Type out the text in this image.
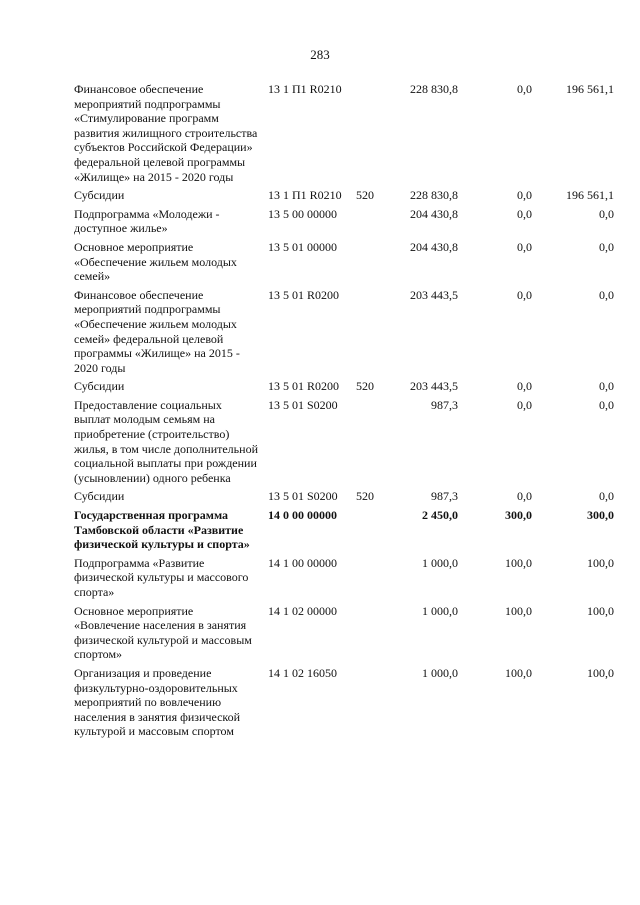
283
Финансовое обеспечение мероприятий подпрограммы «Стимулирование программ развития жилищного строительства субъектов Российской Федерации» федеральной целевой программы «Жилище» на 2015 - 2020 годы	13 1 П1 R0210		228 830,8	0,0	196 561,1
Субсидии	13 1 П1 R0210	520	228 830,8	0,0	196 561,1
Подпрограмма «Молодежи - доступное жилье»	13 5 00 00000		204 430,8	0,0	0,0
Основное мероприятие «Обеспечение жильем молодых семей»	13 5 01 00000		204 430,8	0,0	0,0
Финансовое обеспечение мероприятий подпрограммы «Обеспечение жильем молодых семей» федеральной целевой программы «Жилище» на 2015 - 2020 годы	13 5 01 R0200		203 443,5	0,0	0,0
Субсидии	13 5 01 R0200	520	203 443,5	0,0	0,0
Предоставление социальных выплат молодым семьям на приобретение (строительство) жилья, в том числе дополнительной социальной выплаты при рождении (усыновлении) одного ребенка	13 5 01 S0200		987,3	0,0	0,0
Субсидии	13 5 01 S0200	520	987,3	0,0	0,0
Государственная программа Тамбовской области «Развитие физической культуры и спорта»	14 0 00 00000		2 450,0	300,0	300,0
Подпрограмма «Развитие физической культуры и массового спорта»	14 1 00 00000		1 000,0	100,0	100,0
Основное мероприятие «Вовлечение населения в занятия физической культурой и массовым спортом»	14 1 02 00000		1 000,0	100,0	100,0
Организация и проведение физкультурно-оздоровительных мероприятий по вовлечению населения в занятия физической культурой и массовым спортом	14 1 02 16050		1 000,0	100,0	100,0
